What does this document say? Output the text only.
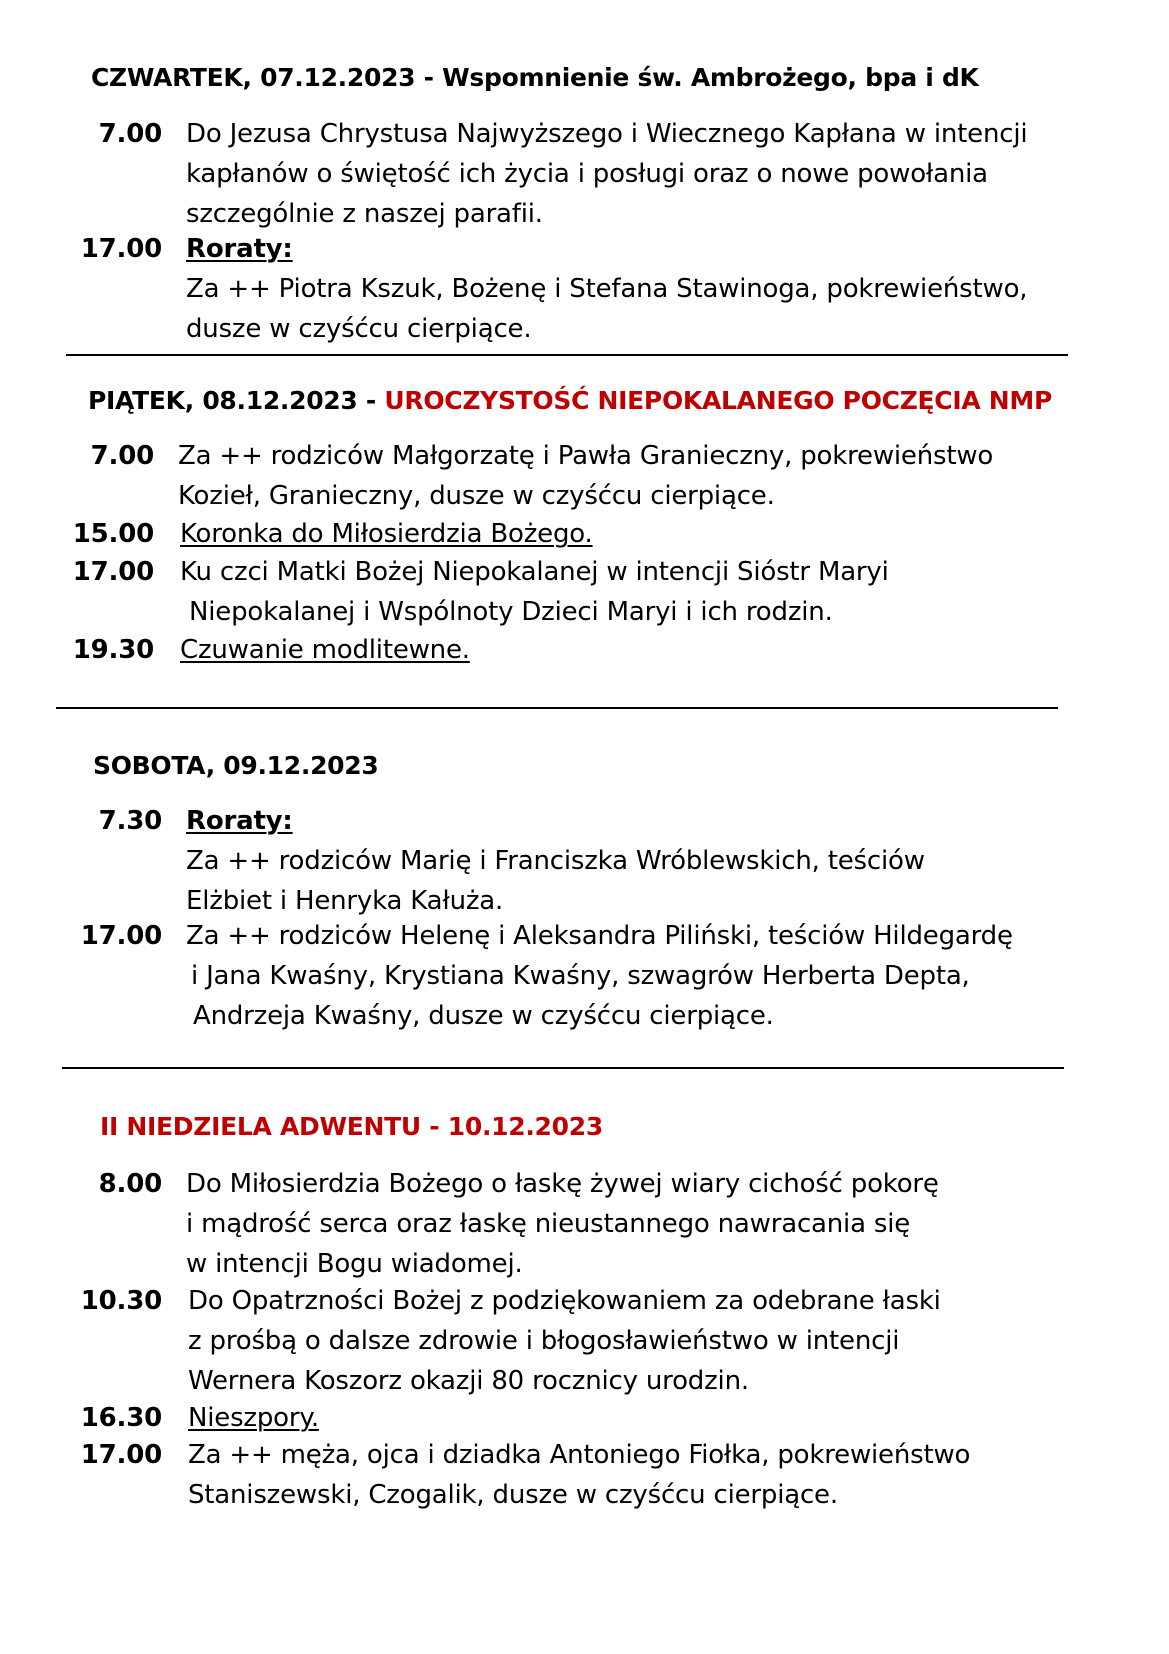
CZWARTEK, 07.12.2023 - Wspomnienie św. Ambrożego, bpa i dK
7.00 Do Jezusa Chrystusa Najwyższego i Wiecznego Kapłana w intencji
kapłanów o świętość ich życia i posługi oraz o nowe powołania
szczególnie z naszej parafii.
17.00 Roraty:
Za ++ Piotra Kszuk, Bożenę i Stefana Stawinoga, pokrewieństwo,
dusze w czyśćcu cierpiące.
PIĄTEK, 08.12.2023 - UROCZYSTOŚĆ NIEPOKALANEGO POCZĘCIA NMP
7.00 Za ++ rodziców Małgorzatę i Pawła Granieczny, pokrewieństwo
Kozieł, Granieczny, dusze w czyśćcu cierpiące.
15.00 Koronka do Miłosierdzia Bożego.
17.00 Ku czci Matki Bożej Niepokalanej w intencji Sióstr Maryi
Niepokalanej i Wspólnoty Dzieci Maryi i ich rodzin.
19.30 Czuwanie modlitewne.
SOBOTA, 09.12.2023
7.30 Roraty:
Za ++ rodziców Marię i Franciszka Wróblewskich, teściów
Elżbiet i Henryka Kałuża.
17.00 Za ++ rodziców Helenę i Aleksandra Piliński, teściów Hildegardę
i Jana Kwaśny, Krystiana Kwaśny, szwagrów Herberta Depta,
Andrzeja Kwaśny, dusze w czyśćcu cierpiące.
II NIEDZIELA ADWENTU - 10.12.2023
8.00 Do Miłosierdzia Bożego o łaskę żywej wiary cichość pokorę
i mądrość serca oraz łaskę nieustannego nawracania się
w intencji Bogu wiadomej.
10.30 Do Opatrzności Bożej z podziękowaniem za odebrane łaski
z prośbą o dalsze zdrowie i błogosławieństwo w intencji
Wernera Koszorz okazji 80 rocznicy urodzin.
16.30 Nieszpory.
17.00 Za ++ męża, ojca i dziadka Antoniego Fiołka, pokrewieństwo
Staniszewski, Czogalik, dusze w czyśćcu cierpiące.
